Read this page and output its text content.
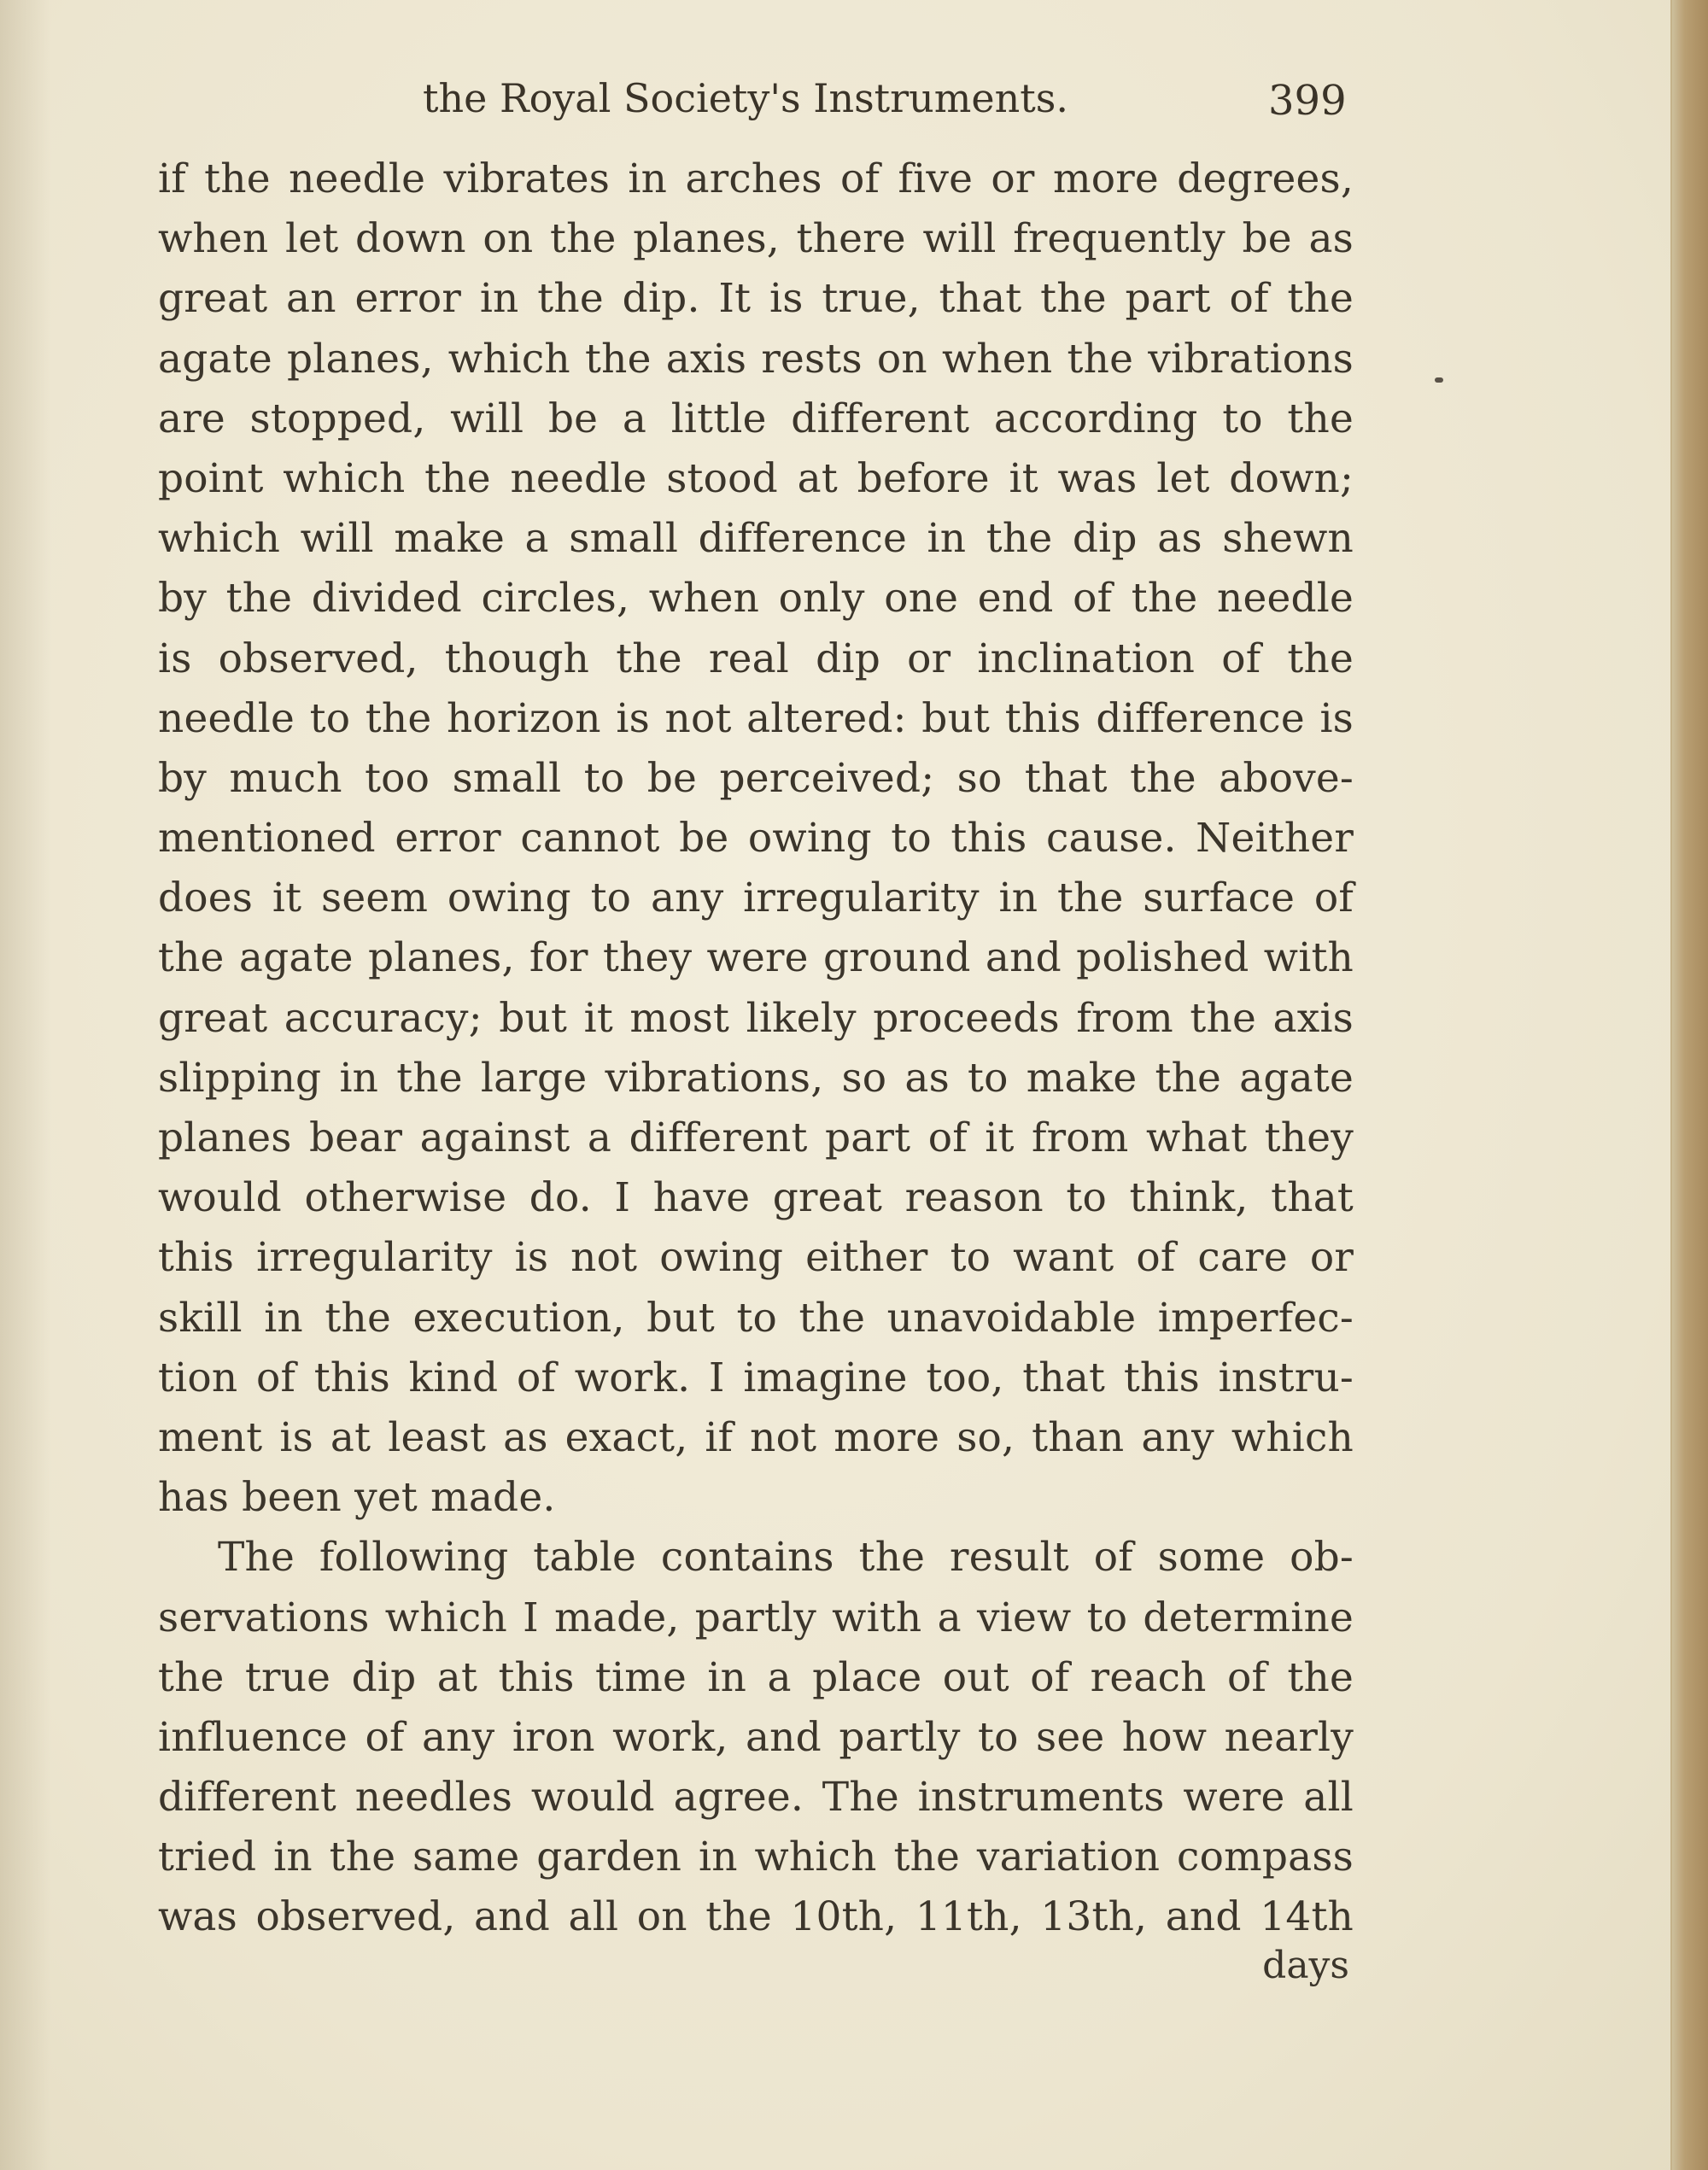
the Royal Society's Instruments.	399
if the needle vibrates in arches of five or more degrees,
when let down on the planes, there will frequently be as
great an error in the dip. It is true, that the part of the
agate planes, which the axis rests on when the vibrations
are stopped, will be a little different according to the
point which the needle stood at before it was let down;
which will make a small difference in the dip as shewn
by the divided circles, when only one end of the needle
is observed, though the real dip or inclination of the
needle to the horizon is not altered: but this difference is
by much too small to be perceived; so that the above-
mentioned error cannot be owing to this cause. Neither
does it seem owing to any irregularity in the surface of
the agate planes, for they were ground and polished with
great accuracy; but it most likely proceeds from the axis
slipping in the large vibrations, so as to make the agate
planes bear against a different part of it from what they
would otherwise do. I have great reason to think, that
this irregularity is not owing either to want of care or
skill in the execution, but to the unavoidable imperfec-
tion of this kind of work. I imagine too, that this instru-
ment is at least as exact, if not more so, than any which
has been yet made.
The following table contains the result of some ob-
servations which I made, partly with a view to determine
the true dip at this time in a place out of reach of the
influence of any iron work, and partly to see how nearly
different needles would agree. The instruments were all
tried in the same garden in which the variation compass
was observed, and all on the 10th, 11th, 13th, and 14th
days
